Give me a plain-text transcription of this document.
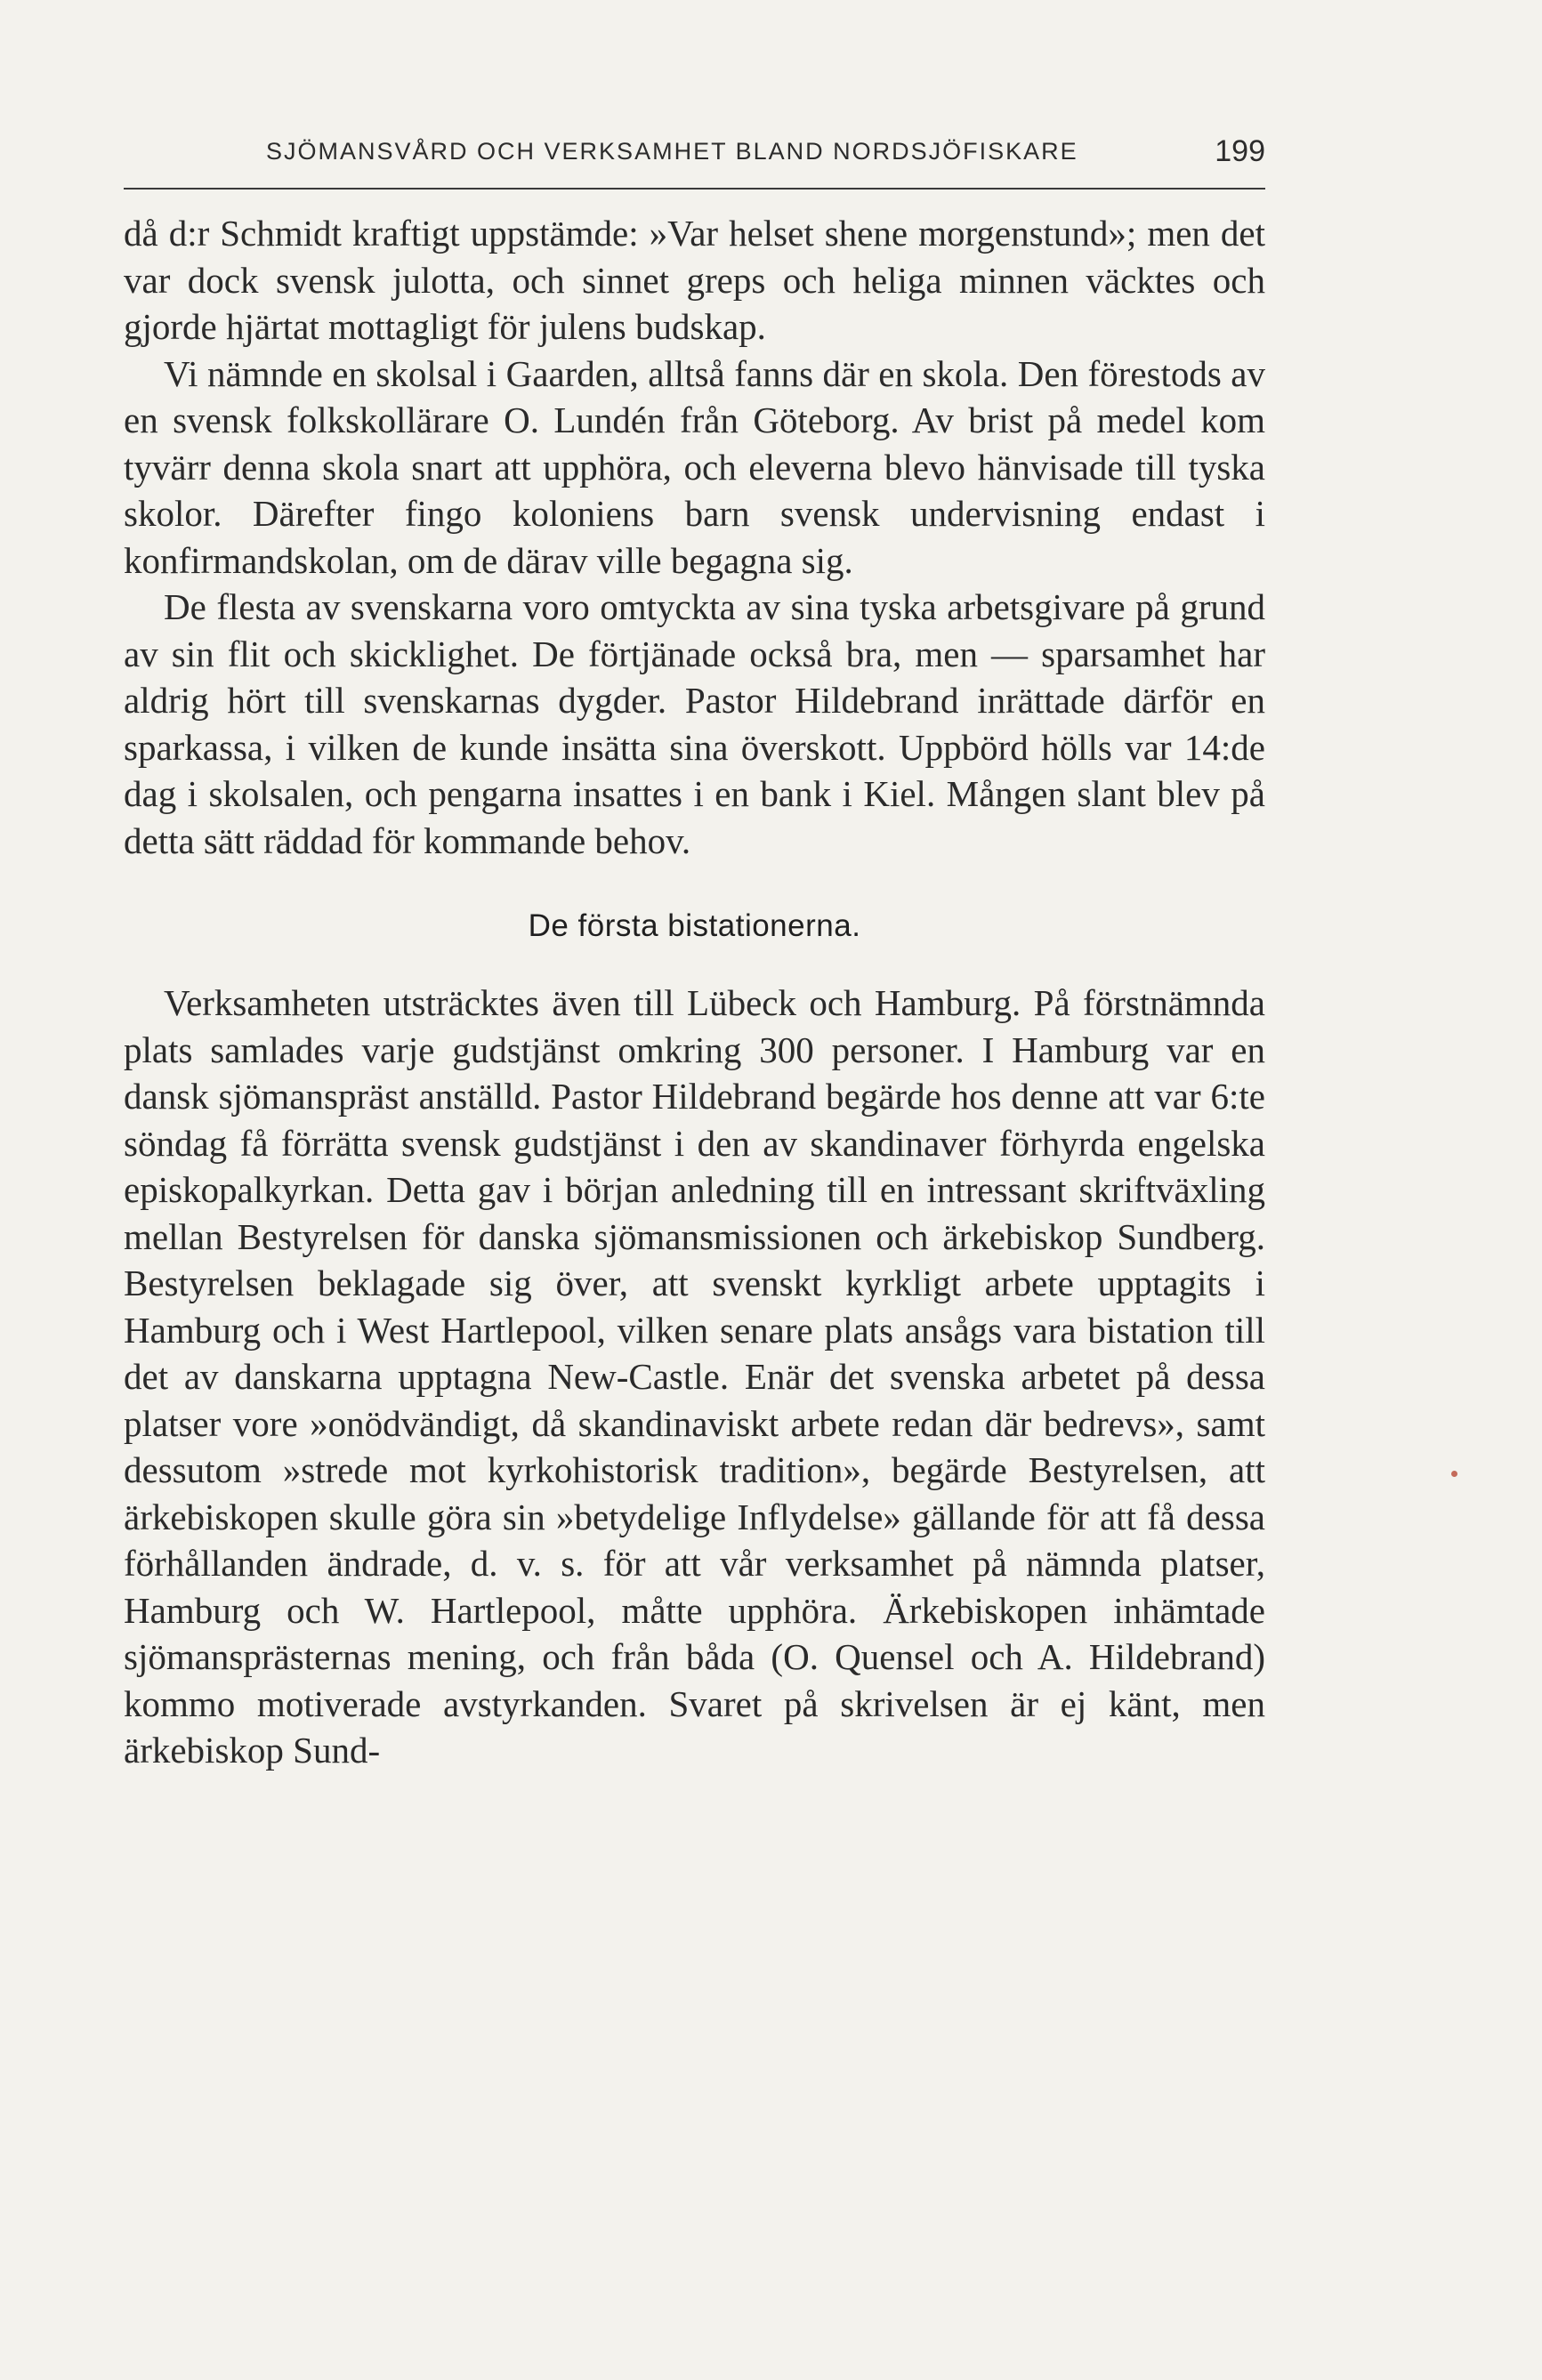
SJÖMANSVÅRD OCH VERKSAMHET BLAND NORDSJÖFISKARE	199

då d:r Schmidt kraftigt uppstämde: »Var helset shene morgenstund»; men det var dock svensk julotta, och sinnet greps och heliga minnen väcktes och gjorde hjärtat mottagligt för julens budskap.

Vi nämnde en skolsal i Gaarden, alltså fanns där en skola. Den förestods av en svensk folkskollärare O. Lundén från Göteborg. Av brist på medel kom tyvärr denna skola snart att upphöra, och eleverna blevo hänvisade till tyska skolor. Därefter fingo koloniens barn svensk undervisning endast i konfirmandskolan, om de därav ville begagna sig.

De flesta av svenskarna voro omtyckta av sina tyska arbetsgivare på grund av sin flit och skicklighet. De förtjänade också bra, men — sparsamhet har aldrig hört till svenskarnas dygder. Pastor Hildebrand inrättade därför en sparkassa, i vilken de kunde insätta sina överskott. Uppbörd hölls var 14:de dag i skolsalen, och pengarna insattes i en bank i Kiel. Mången slant blev på detta sätt räddad för kommande behov.

De första bistationerna.

Verksamheten utsträcktes även till Lübeck och Hamburg. På förstnämnda plats samlades varje gudstjänst omkring 300 personer. I Hamburg var en dansk sjömanspräst anställd. Pastor Hildebrand begärde hos denne att var 6:te söndag få förrätta svensk gudstjänst i den av skandinaver förhyrda engelska episkopalkyrkan. Detta gav i början anledning till en intressant skriftväxling mellan Bestyrelsen för danska sjömansmissionen och ärkebiskop Sundberg. Bestyrelsen beklagade sig över, att svenskt kyrkligt arbete upptagits i Hamburg och i West Hartlepool, vilken senare plats ansågs vara bistation till det av danskarna upptagna New-Castle. Enär det svenska arbetet på dessa platser vore »onödvändigt, då skandinaviskt arbete redan där bedrevs», samt dessutom »strede mot kyrkohistorisk tradition», begärde Bestyrelsen, att ärkebiskopen skulle göra sin »betydelige Inflydelse» gällande för att få dessa förhållanden ändrade, d. v. s. för att vår verksamhet på nämnda platser, Hamburg och W. Hartlepool, måtte upphöra. Ärkebiskopen inhämtade sjömansprästernas mening, och från båda (O. Quensel och A. Hildebrand) kommo motiverade avstyrkanden. Svaret på skrivelsen är ej känt, men ärkebiskop Sund-
